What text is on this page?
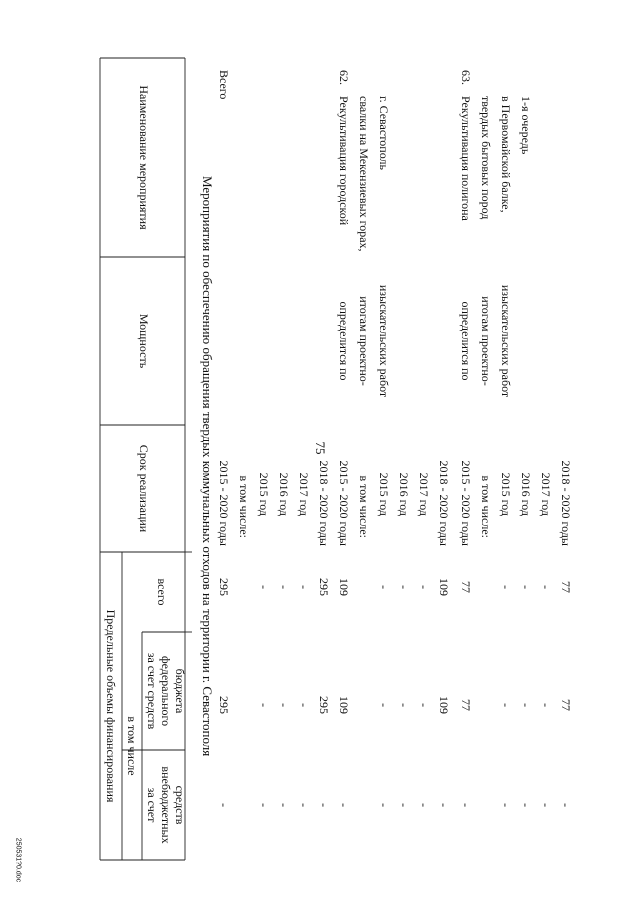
75
250531?0.doc
Наименование мероприятия
Мощность
Срок реализации
Предельные объемы финансирования
всего
в том числе
за счет средств федерального бюджета
за счет внебюджетных средств
Мероприятия по обеспечению обращения твердых коммунальных отходов на территории г. Севастополя
Всего
2015 - 2020 годы в том числе: 2015 год 2016 год 2017 год 2018 - 2020 годы
295 - - - 295
295 - - - 295
- - - - -
62.
Рекультивация городской свалки на Мекензиевых горах, г. Севастополь
определится по итогам проектно- изыскательских работ
2015 - 2020 годы в том числе: 2015 год 2016 год 2017 год 2018 - 2020 годы
109 - - - 109
109 - - - 109
- - - - -
63.
Рекультивация полигона твердых бытовых пород в Первомайской балке, 1-я очередь
определится по итогам проектно- изыскательских работ
2015 - 2020 годы в том числе: 2015 год 2016 год 2017 год 2018 - 2020 годы
77 - - - 77
77 - - - 77
- - - - -
